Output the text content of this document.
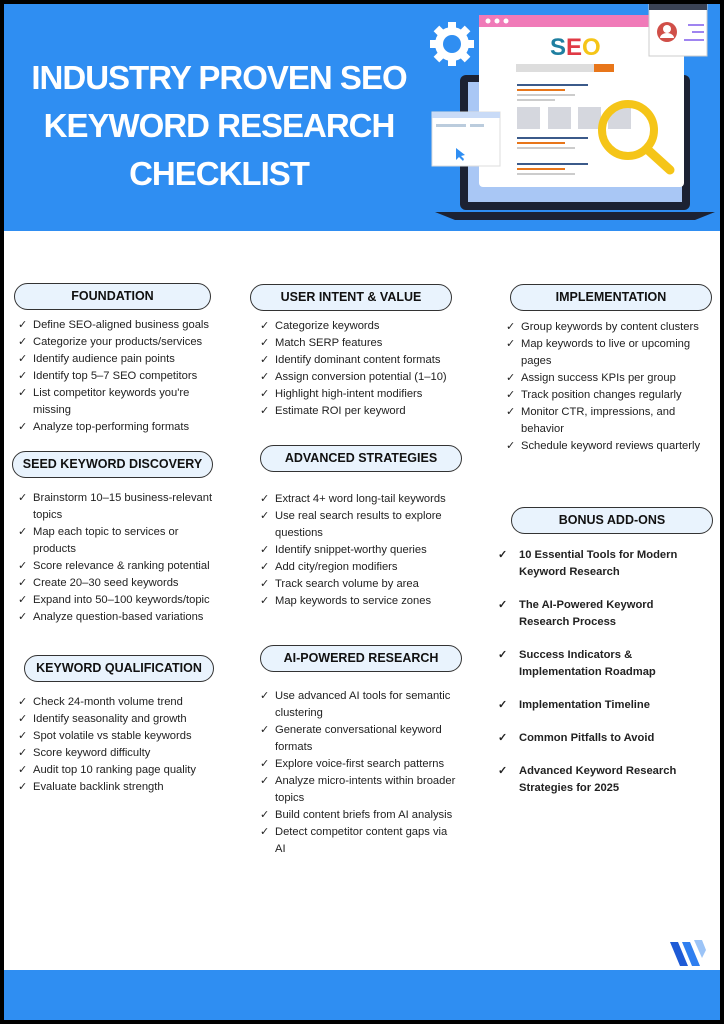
INDUSTRY PROVEN SEO
KEYWORD RESEARCH
CHECKLIST
SEO
FOUNDATION
✓ Define SEO-aligned business goals
✓ Categorize your products/services
✓ Identify audience pain points
✓ Identify top 5–7 SEO competitors
✓ List competitor keywords you're missing
✓ Analyze top-performing formats
SEED KEYWORD DISCOVERY
✓ Brainstorm 10–15 business-relevant topics
✓ Map each topic to services or products
✓ Score relevance & ranking potential
✓ Create 20–30 seed keywords
✓ Expand into 50–100 keywords/topic
✓ Analyze question-based variations
KEYWORD QUALIFICATION
✓ Check 24-month volume trend
✓ Identify seasonality and growth
✓ Spot volatile vs stable keywords
✓ Score keyword difficulty
✓ Audit top 10 ranking page quality
✓ Evaluate backlink strength
USER INTENT & VALUE
✓ Categorize keywords
✓ Match SERP features
✓ Identify dominant content formats
✓ Assign conversion potential (1–10)
✓ Highlight high-intent modifiers
✓ Estimate ROI per keyword
ADVANCED STRATEGIES
✓ Extract 4+ word long-tail keywords
✓ Use real search results to explore questions
✓ Identify snippet-worthy queries
✓ Add city/region modifiers
✓ Track search volume by area
✓ Map keywords to service zones
AI-POWERED RESEARCH
✓ Use advanced AI tools for semantic clustering
✓ Generate conversational keyword formats
✓ Explore voice-first search patterns
✓ Analyze micro-intents within broader topics
✓ Build content briefs from AI analysis
✓ Detect competitor content gaps via AI
IMPLEMENTATION
✓ Group keywords by content clusters
✓ Map keywords to live or upcoming pages
✓ Assign success KPIs per group
✓ Track position changes regularly
✓ Monitor CTR, impressions, and behavior
✓ Schedule keyword reviews quarterly
BONUS ADD-ONS
✓ 10 Essential Tools for Modern Keyword Research
✓ The AI-Powered Keyword Research Process
✓ Success Indicators & Implementation Roadmap
✓ Implementation Timeline
✓ Common Pitfalls to Avoid
✓ Advanced Keyword Research Strategies for 2025
